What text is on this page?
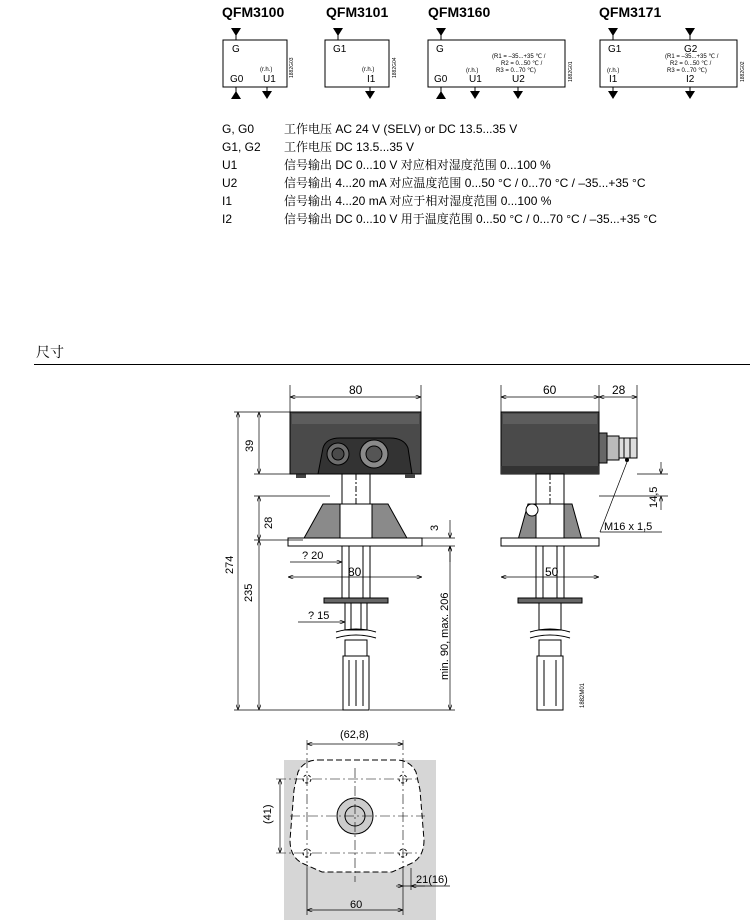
QFM3100	QFM3101	QFM3160	QFM3171
G
G0
(r.h.)
U1
1882G03
G1
(r.h.)
I1
1882G04
G
(R1 = –35...+35 ℃ /
R2 = 0...50 ℃ /
R3 = 0...70 ℃)
(r.h.)
G0 U1	U2	1882G01
G1	G2
(R1 = –35...+35 ℃ /
R2 = 0...50 ℃ /
R3 = 0...70 ℃)
(r.h.)
I1	I2	1882G02
G, G0	工作电压 AC 24 V (SELV) or DC 13.5...35 V
G1, G2	工作电压 DC 13.5...35 V
U1	信号输出 DC 0...10 V 对应相对湿度范围 0...100 %
U2	信号输出 4...20 mA 对应温度范围 0...50 °C / 0...70 °C / –35...+35 °C
I1	信号输出 4...20 mA 对应于相对湿度范围 0...100 %
I2	信号输出 DC 0...10 V 用于温度范围 0...50 °C / 0...70 °C / –35...+35 °C
尺寸
80
39
28
274
235
? 20
80
? 15
3
min. 90, max. 206
60	28
14,5
M16 x 1,5
50
1882M01
(62,8)
(41)
60
21(16)
